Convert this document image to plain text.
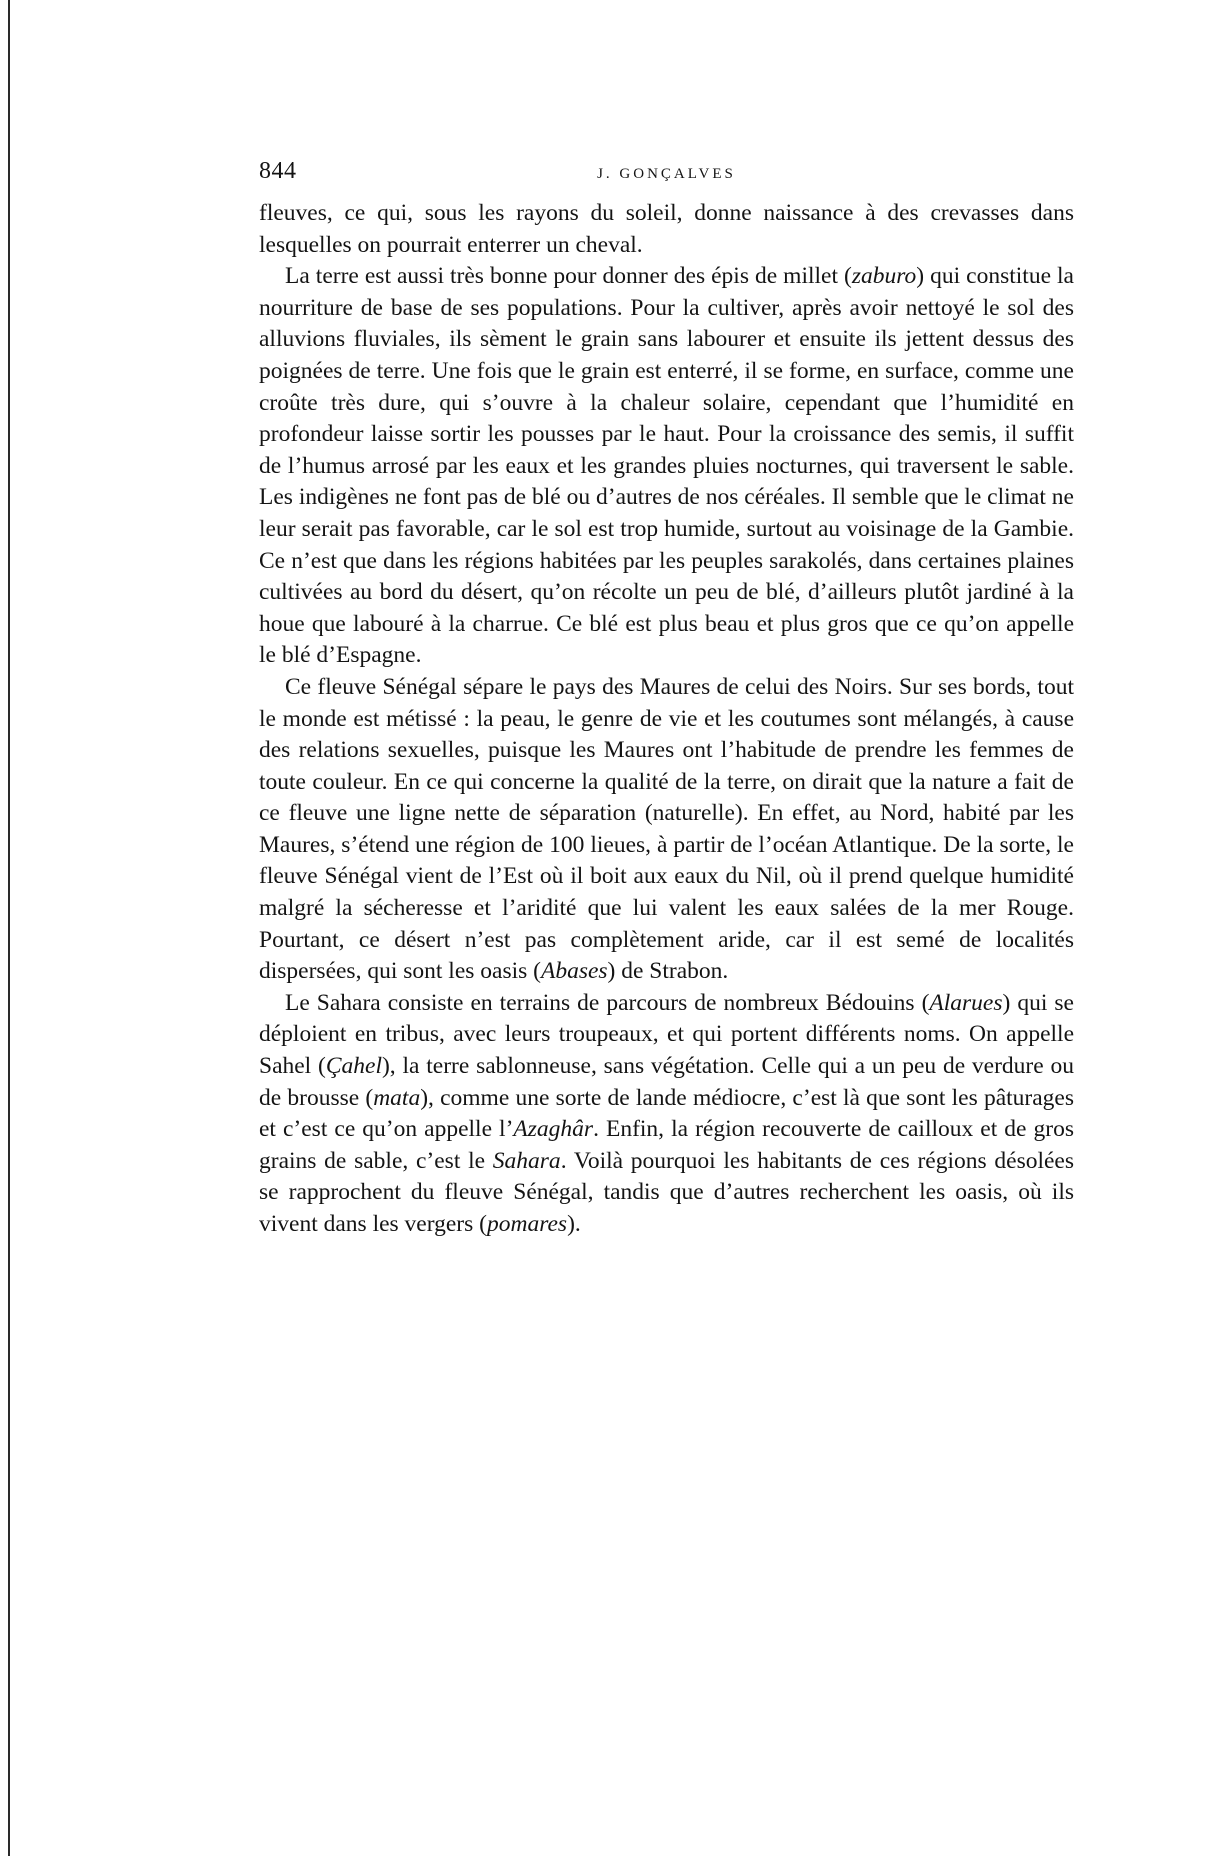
844	J. GONÇALVES

fleuves, ce qui, sous les rayons du soleil, donne naissance à des crevasses dans lesquelles on pourrait enterrer un cheval.

La terre est aussi très bonne pour donner des épis de millet (zaburo) qui constitue la nourriture de base de ses populations. Pour la cultiver, après avoir nettoyé le sol des alluvions fluviales, ils sèment le grain sans labourer et ensuite ils jettent dessus des poignées de terre. Une fois que le grain est enterré, il se forme, en surface, comme une croûte très dure, qui s’ouvre à la chaleur solaire, cependant que l’humidité en profondeur laisse sortir les pousses par le haut. Pour la croissance des semis, il suffit de l’humus arrosé par les eaux et les grandes pluies nocturnes, qui traversent le sable. Les indigènes ne font pas de blé ou d’autres de nos céréales. Il semble que le climat ne leur serait pas favorable, car le sol est trop humide, surtout au voisinage de la Gambie. Ce n’est que dans les régions habitées par les peuples sarakolés, dans certaines plaines cultivées au bord du désert, qu’on récolte un peu de blé, d’ailleurs plutôt jardiné à la houe que labouré à la charrue. Ce blé est plus beau et plus gros que ce qu’on appelle le blé d’Espagne.

Ce fleuve Sénégal sépare le pays des Maures de celui des Noirs. Sur ses bords, tout le monde est métissé : la peau, le genre de vie et les coutumes sont mélangés, à cause des relations sexuelles, puisque les Maures ont l’habitude de prendre les femmes de toute couleur. En ce qui concerne la qualité de la terre, on dirait que la nature a fait de ce fleuve une ligne nette de séparation (naturelle). En effet, au Nord, habité par les Maures, s’étend une région de 100 lieues, à partir de l’océan Atlantique. De la sorte, le fleuve Sénégal vient de l’Est où il boit aux eaux du Nil, où il prend quelque humidité malgré la sécheresse et l’aridité que lui valent les eaux salées de la mer Rouge. Pourtant, ce désert n’est pas complètement aride, car il est semé de localités dispersées, qui sont les oasis (Abases) de Strabon.

Le Sahara consiste en terrains de parcours de nombreux Bédouins (Alarues) qui se déploient en tribus, avec leurs troupeaux, et qui portent différents noms. On appelle Sahel (Çahel), la terre sablonneuse, sans végétation. Celle qui a un peu de verdure ou de brousse (mata), comme une sorte de lande médiocre, c’est là que sont les pâturages et c’est ce qu’on appelle l’Azaghâr. Enfin, la région recouverte de cailloux et de gros grains de sable, c’est le Sahara. Voilà pourquoi les habitants de ces régions désolées se rapprochent du fleuve Sénégal, tandis que d’autres recherchent les oasis, où ils vivent dans les vergers (pomares).
